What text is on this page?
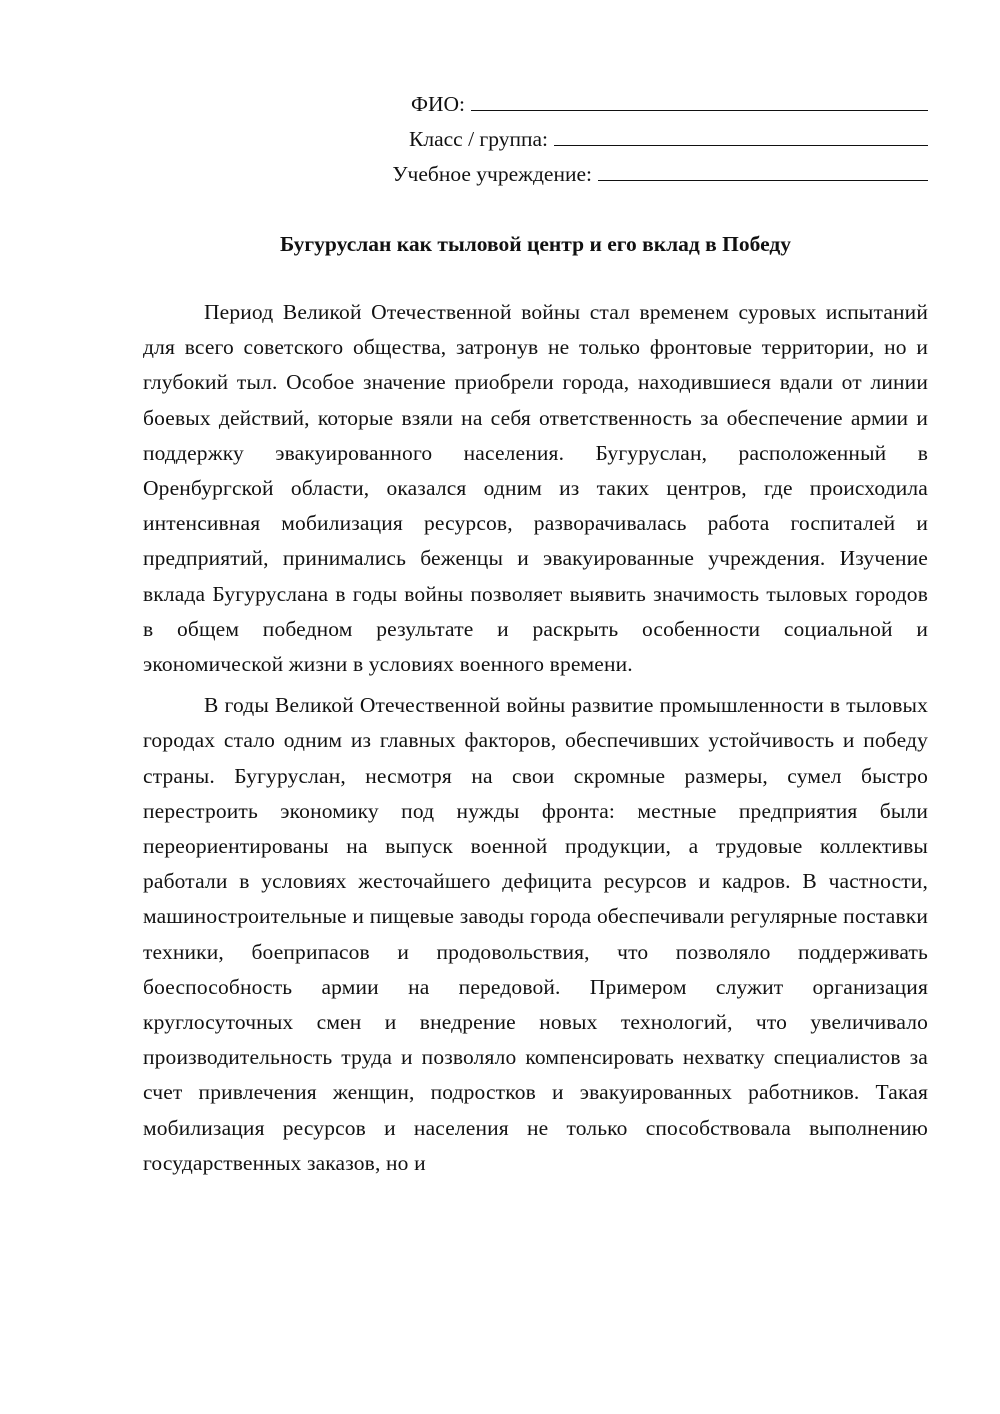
ФИО:
Класс / группа:
Учебное учреждение:
Бугуруслан как тыловой центр и его вклад в Победу

Период Великой Отечественной войны стал временем суровых испытаний для всего советского общества, затронув не только фронтовые территории, но и глубокий тыл. Особое значение приобрели города, находившиеся вдали от линии боевых действий, которые взяли на себя ответственность за обеспечение армии и поддержку эвакуированного населения. Бугуруслан, расположенный в Оренбургской области, оказался одним из таких центров, где происходила интенсивная мобилизация ресурсов, разворачивалась работа госпиталей и предприятий, принимались беженцы и эвакуированные учреждения. Изучение вклада Бугуруслана в годы войны позволяет выявить значимость тыловых городов в общем победном результате и раскрыть особенности социальной и экономической жизни в условиях военного времени.

В годы Великой Отечественной войны развитие промышленности в тыловых городах стало одним из главных факторов, обеспечивших устойчивость и победу страны. Бугуруслан, несмотря на свои скромные размеры, сумел быстро перестроить экономику под нужды фронта: местные предприятия были переориентированы на выпуск военной продукции, а трудовые коллективы работали в условиях жесточайшего дефицита ресурсов и кадров. В частности, машиностроительные и пищевые заводы города обеспечивали регулярные поставки техники, боеприпасов и продовольствия, что позволяло поддерживать боеспособность армии на передовой. Примером служит организация круглосуточных смен и внедрение новых технологий, что увеличивало производительность труда и позволяло компенсировать нехватку специалистов за счет привлечения женщин, подростков и эвакуированных работников. Такая мобилизация ресурсов и населения не только способствовала выполнению государственных заказов, но и
